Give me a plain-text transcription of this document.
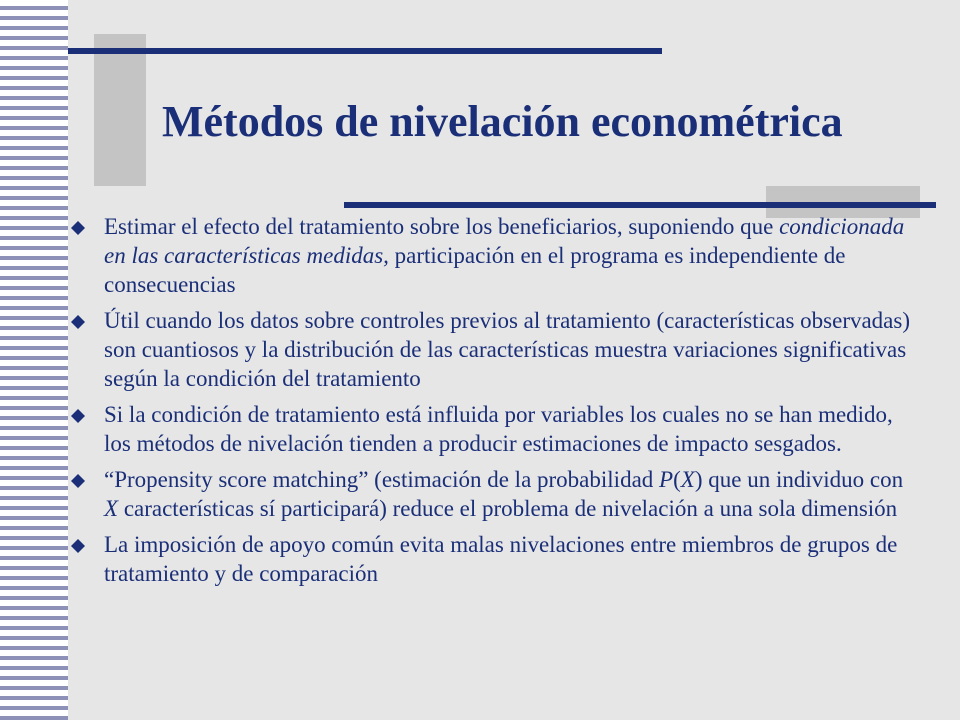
Métodos de nivelación econométrica
Estimar el efecto del tratamiento sobre los beneficiarios, suponiendo que condicionada en las características medidas, participación en el programa es independiente de consecuencias
Útil cuando los datos sobre controles previos al tratamiento (características observadas) son cuantiosos y la distribución de las características muestra variaciones significativas según la condición del tratamiento
Si la condición de tratamiento está influida por variables los cuales no se han medido, los métodos de nivelación tienden a producir estimaciones de impacto sesgados.
“Propensity score matching” (estimación de la probabilidad P(X) que un individuo con X características sí participará) reduce el problema de nivelación a una sola dimensión
La imposición de apoyo común evita malas nivelaciones entre miembros de grupos de tratamiento y de comparación
